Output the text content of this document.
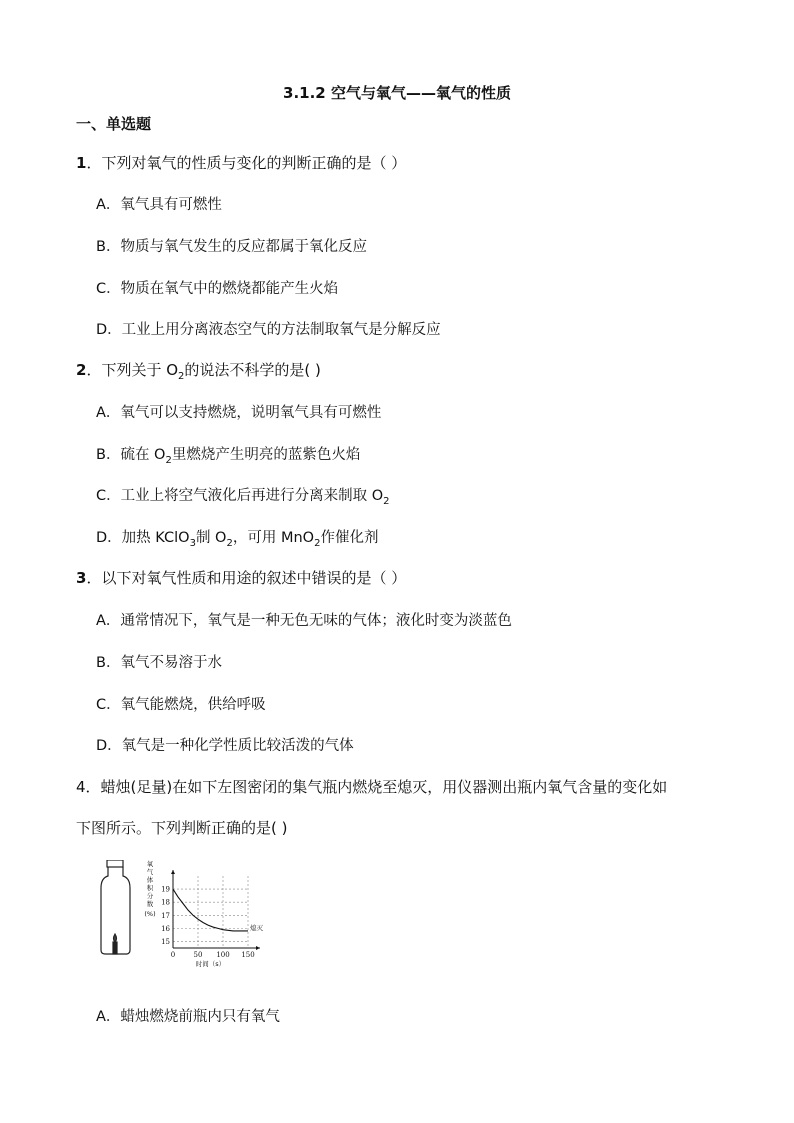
3.1.2 空气与氧气——氧气的性质
一、单选题
1．下列对氧气的性质与变化的判断正确的是（ ）
A．氧气具有可燃性
B．物质与氧气发生的反应都属于氧化反应
C．物质在氧气中的燃烧都能产生火焰
D．工业上用分离液态空气的方法制取氧气是分解反应
2．下列关于 $O_2$的说法不科学的是( )
A．氧气可以支持燃烧，说明氧气具有可燃性
B．硫在 $O_2$里燃烧产生明亮的蓝紫色火焰
C．工业上将空气液化后再进行分离来制取 $O_2$
D．加热 KClO$_3$制 $O_2$，可用 MnO$_2$作催化剂
3．以下对氧气性质和用途的叙述中错误的是（ ）
A．通常情况下，氧气是一种无色无味的气体；液化时变为淡蓝色
B．氧气不易溶于水
C．氧气能燃烧，供给呼吸
D．氧气是一种化学性质比较活泼的气体
4．蜡烛(足量)在如下左图密闭的集气瓶内燃烧至熄灭，用仪器测出瓶内氧气含量的变化如
下图所示。下列判断正确的是( )
19
18
17
16
15
0	50 100 150
氧气体积分数(%)
时间（s）
熄灭
A．蜡烛燃烧前瓶内只有氧气
